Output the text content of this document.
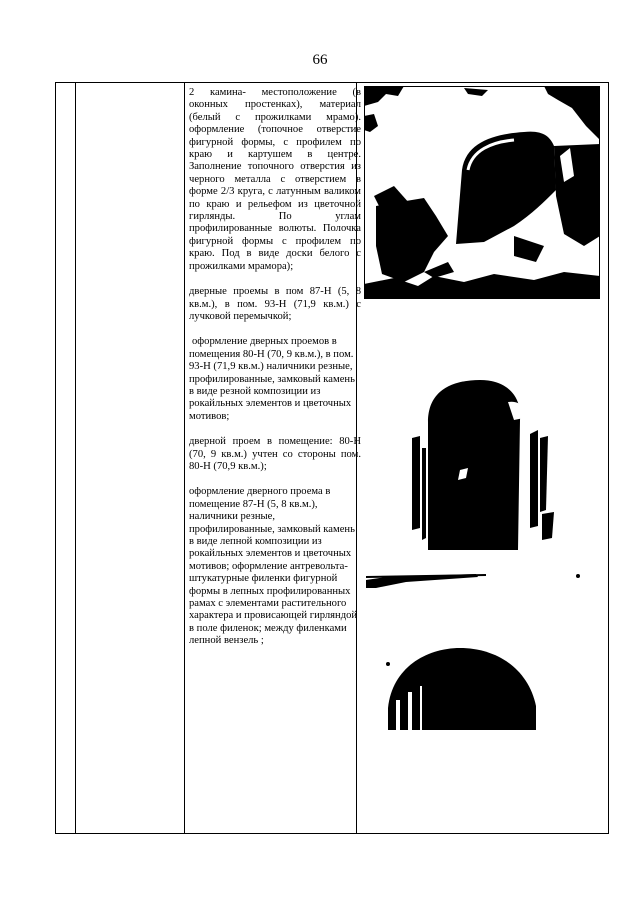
66

2 камина- местоположение (в оконных простенках), материал (белый с прожилками мрамо). оформление (топочное отверстие фигурной формы, с профилем по краю и картушем в центре. Заполнение топочного отверстия из черного металла с отверстием в форме 2/3 круга, с латунным валиком по краю и рельефом из цветочной гирлянды. По углам профилированные волюты. Полочка фигурной формы с профилем по краю. Под в виде доски белого с прожилками мрамора);

дверные проемы в пом 87-Н (5, 8 кв.м.), в пом. 93-Н (71,9 кв.м.) с лучковой перемычкой;

оформление дверных проемов в помещения 80-Н (70, 9 кв.м.), в пом. 93-Н (71,9 кв.м.) наличники резные, профилированные, замковый камень в виде резной композиции из рокайльных элементов и цветочных мотивов;

дверной проем в помещение: 80-Н (70, 9 кв.м.) учтен со стороны пом. 80-Н (70,9 кв.м.);

оформление дверного проема в помещение 87-Н (5, 8 кв.м.), наличники резные, профилированные, замковый камень в виде лепной композиции из рокайльных элементов и цветочных мотивов; оформление антревольта- штукатурные филенки фигурной формы в лепных профилированных рамах с элементами растительного характера и провисающей гирляндой в поле филенок; между филенками лепной вензель ;
